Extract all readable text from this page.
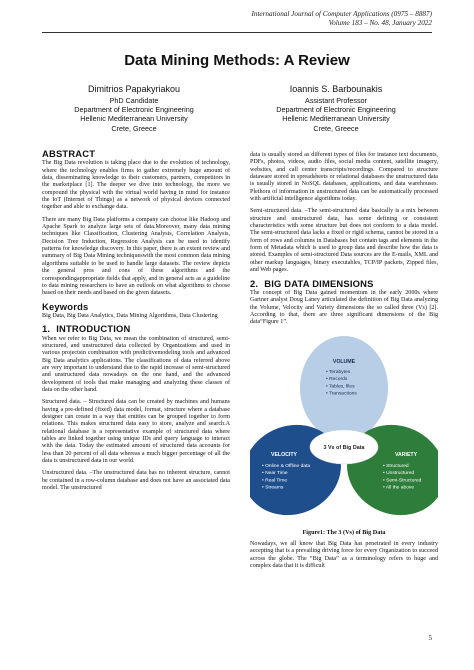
International Journal of Computer Applications (0975 – 8887)
Volume 183 – No. 48, January 2022
Data Mining Methods: A Review
Dimitrios Papakyriakou
PhD Candidate
Department of Electronic Engineering
Hellenic Mediterranean University
Crete, Greece
Ioannis S. Barbounakis
Assistant Professor
Department of Electronic Engineering
Hellenic Mediterranean University
Crete, Greece
ABSTRACT

The Big Data revolution is taking place due to the evolution of technology, where the technology enables firms to gather extremely huge amount of data, disseminating knowledge to their customers, partners, competitors in the marketplace [1]. The deeper we dive into technology, the more we compound the physical with the virtual world having in mind for instance the IoT (Internet of Things) as a network of physical devices connected together and able to exchange data.

There are many Big Data platforms a company can choose like Hadoop and Apache Spark to analyze large sets of data.Moreover, many data mining techniques like Classification, Clustering Analysis, Correlation Analysis, Decision Tree Induction, Regression Analysis can be used to identify patterns for knowledge discovery. In this paper, there is an extent review and summary of Big Data Mining techniqueswith the most common data mining algorithms suitable to be used to handle large datasets. The review depicts the general pros and cons of these algorithms and the correspondingappropriate fields that apply, and in general acts as a guideline to data mining researchers to have an outlook on what algorithms to choose based on their needs and based on the given datasets.

Keywords

Big Data, Big Data Analytics, Data Mining Algorithms, Data Clustering

1. INTRODUCTION

When we refer to Big Data, we mean the combination of structured, semi-structured, and unstructured data collected by Organizations and used in various projectsin combination with predictivemodeling tools and advanced Big Data analytics applications. The classifications of data referred above are very important to understand due to the rapid increase of semi-structured and unstructured data nowadays on the one hand, and the advanced development of tools that make managing and analyzing these classes of data on the other hand.

Structured data. – Structured data can be created by machines and humans having a pre-defined (fixed) data model, format, structure where a database designer can create in a way that entities can be grouped together to form relations. This makes structured data easy to store, analyze and search.A relational database is a representative example of structured data where tables are linked together using unique IDs and query language to interact with the data. Today the estimated amount of structured data accounts for less than 20 percent of all data whereas a much bigger percentage of all the data is unstructured data in our world.

Unstructured data. –The unstructured data has no inherent structure, cannot be contained in a row-column database and does not have an associated data model. The unstructured

data is usually stored as different types of files for instance text documents, PDFs, photos, videos, audio files, social media content, satellite imagery, websites, and call center transcripts/recordings. Compared to structure dataware stored in spreadsheets or relational databases the unstructured data is usually stored in NoSQL databases, applications, and data warehouses. Plethora of information in unstructured data can be automatically processed with artificial intelligence algorithms today.

Semi-structured data. –The semi-structured data basically is a mix between structure and unstructured data, has some defining or consistent characteristics with some structure but does not conform to a data model. The semi-structured data lacks a fixed or rigid schema, cannot be stored in a form of rows and columns in Databases but contain tags and elements in the form of Metadata which is used to group data and describe how the data is stored. Examples of semi-structured Data sources are the E-mails, XML and other markup languages, binary executables, TCP/IP packets, Zipped files, and Web pages.

2. BIG DATA DIMENSIONS

The concept of Big Data gained momentum in the early 2000s where Gartner analyst Doug Laney articulated the definition of Big Data analyzing the Volume, Velocity and Variety dimensions the so called three (Vs) [2]. According to that, there are three significant dimensions of the Big data“Figure 1”.

3 Vs of Big Data
VOLUME
• Terabytes
• Records
• Tables, files
• Transactions
VELOCITY
• Online & Offline data
• Near Time
• Real Time
• Streams
VARIETY
• Structured
• Unstructured
• Semi-Structured
• All the above
Figure1: The 3 (Vs) of Big Data

Nowadays, we all know that Big Data has penetrated in every industry accepting that is a prevailing driving force for every Organization to succeed across the globe. The “Big Data” as a terminology refers to huge and complex data that it is difficult

5
